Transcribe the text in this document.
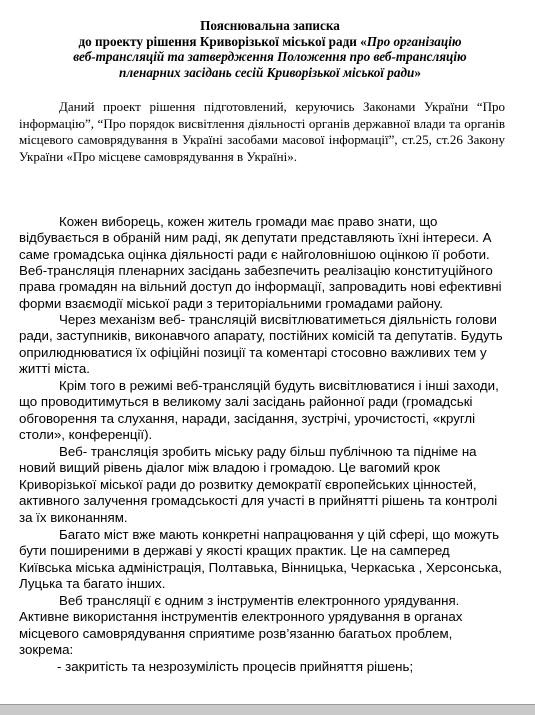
Пояснювальна записка
до проекту рішення Криворізької міської ради «Про організацію
веб-трансляцій та затвердження Положення про веб-трансляцію
пленарних засідань сесій Криворізької міської ради»

Даний проект рішення підготовлений, керуючись Законами України “Про інформацію”, “Про порядок висвітлення діяльності органів державної влади та органів місцевого самоврядування в Україні засобами масової інформації”, ст.25, ст.26 Закону України «Про місцеве самоврядування в Україні».

Кожен виборець, кожен житель громади має право знати, що відбувається в обраній ним раді, як депутати представляють їхні інтереси. А саме громадська оцінка діяльності ради є найголовнішою оцінкою її роботи.

Веб-трансляція пленарних засідань забезпечить реалізацію конституційного права громадян на вільний доступ до інформації, запровадить нові ефективні форми взаємодії міської ради з територіальними громадами району.

Через механізм веб- трансляцій висвітлюватиметься діяльність голови ради, заступників, виконавчого апарату, постійних комісій та депутатів. Будуть оприлюднюватися їх офіційні позиції та коментарі стосовно важливих тем у житті міста.

Крім того в режимі веб-трансляцій будуть висвітлюватися і інші заходи, що проводитимуться в великому залі засідань районної ради (громадські обговорення та слухання, наради, засідання, зустрічі, урочистості, «круглі столи», конференції).

Веб- трансляція зробить міську раду більш публічною та підніме на новий вищий рівень діалог між владою і громадою. Це вагомий крок Криворізької міської ради до розвитку демократії європейських цінностей, активного залучення громадськості для участі в прийнятті рішень та контролі за їх виконанням.

Багато міст вже мають конкретні напрацювання у цій сфері, що можуть бути поширеними в державі у якості кращих практик. Це на самперед Київська міська адміністрація, Полтавька, Вінницька, Черкаська , Херсонська, Луцька та багато інших.

Веб трансляції є одним з інструментів електронного урядування. Активне використання інструментів електронного урядування в органах місцевого самоврядування сприятиме розв’язанню багатьох проблем, зокрема:

- закритість та незрозумілість процесів прийняття рішень;
